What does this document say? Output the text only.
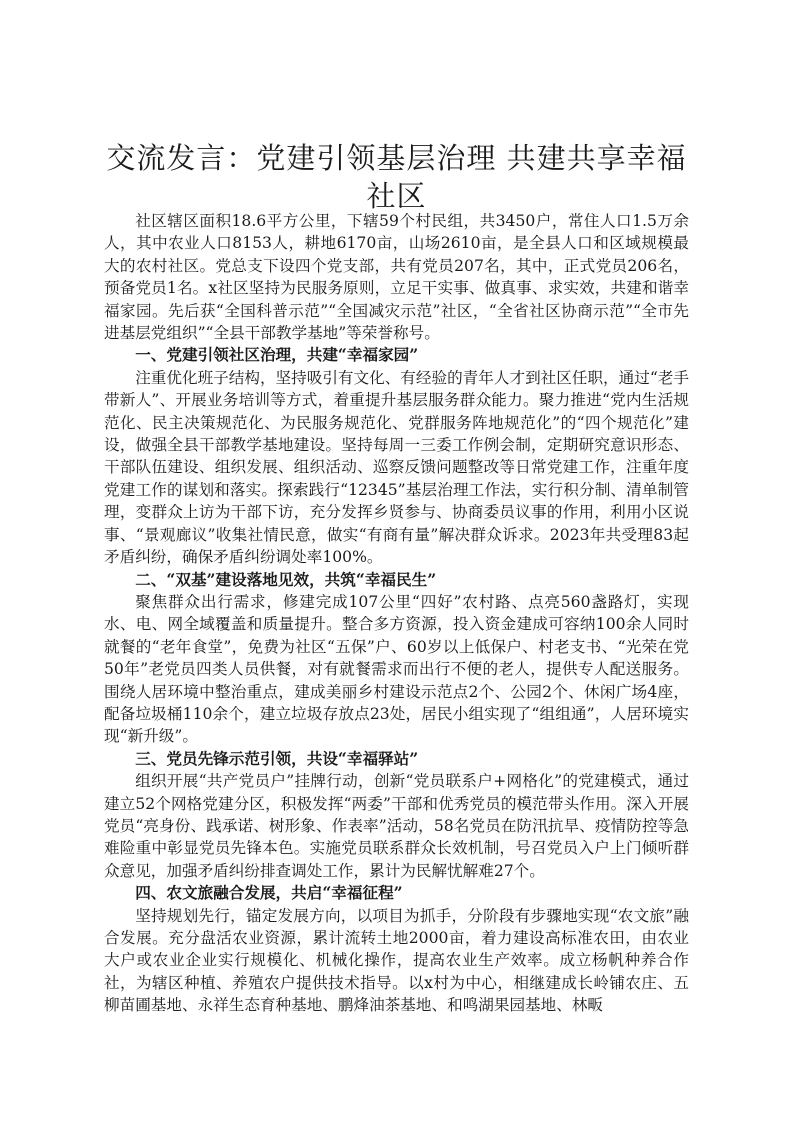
交流发言：党建引领基层治理 共建共享幸福社区

社区辖区面积18.6平方公里，下辖59个村民组，共3450户，常住人口1.5万余人，其中农业人口8153人，耕地6170亩，山场2610亩，是全县人口和区域规模最大的农村社区。党总支下设四个党支部，共有党员207名，其中，正式党员206名，预备党员1名。x社区坚持为民服务原则，立足干实事、做真事、求实效，共建和谐幸福家园。先后获“全国科普示范”“全国减灾示范”社区，“全省社区协商示范”“全市先进基层党组织”“全县干部教学基地”等荣誉称号。

一、党建引领社区治理，共建“幸福家园”

注重优化班子结构，坚持吸引有文化、有经验的青年人才到社区任职，通过“老手带新人”、开展业务培训等方式，着重提升基层服务群众能力。聚力推进“党内生活规范化、民主决策规范化、为民服务规范化、党群服务阵地规范化”的“四个规范化”建设，做强全县干部教学基地建设。坚持每周一三委工作例会制，定期研究意识形态、干部队伍建设、组织发展、组织活动、巡察反馈问题整改等日常党建工作，注重年度党建工作的谋划和落实。探索践行“12345”基层治理工作法，实行积分制、清单制管理，变群众上访为干部下访，充分发挥乡贤参与、协商委员议事的作用，利用小区说事、“景观廊议”收集社情民意，做实“有商有量”解决群众诉求。2023年共受理83起矛盾纠纷，确保矛盾纠纷调处率100%。

二、“双基”建设落地见效，共筑“幸福民生”

聚焦群众出行需求，修建完成107公里“四好”农村路、点亮560盏路灯，实现水、电、网全域覆盖和质量提升。整合多方资源，投入资金建成可容纳100余人同时就餐的“老年食堂”，免费为社区“五保”户、60岁以上低保户、村老支书、“光荣在党50年”老党员四类人员供餐，对有就餐需求而出行不便的老人，提供专人配送服务。围绕人居环境中整治重点，建成美丽乡村建设示范点2个、公园2个、休闲广场4座，配备垃圾桶110余个，建立垃圾存放点23处，居民小组实现了“组组通”，人居环境实现“新升级”。

三、党员先锋示范引领，共设“幸福驿站”

组织开展“共产党员户”挂牌行动，创新“党员联系户+网格化”的党建模式，通过建立52个网格党建分区，积极发挥“两委”干部和优秀党员的模范带头作用。深入开展党员“亮身份、践承诺、树形象、作表率”活动，58名党员在防汛抗旱、疫情防控等急难险重中彰显党员先锋本色。实施党员联系群众长效机制，号召党员入户上门倾听群众意见，加强矛盾纠纷排查调处工作，累计为民解忧解难27个。

四、农文旅融合发展，共启“幸福征程”

坚持规划先行，锚定发展方向，以项目为抓手，分阶段有步骤地实现“农文旅”融合发展。充分盘活农业资源，累计流转土地2000亩，着力建设高标准农田，由农业大户或农业企业实行规模化、机械化操作，提高农业生产效率。成立杨帆种养合作社，为辖区种植、养殖农户提供技术指导。以x村为中心，相继建成长岭铺农庄、五柳苗圃基地、永祥生态育种基地、鹏烽油茶基地、和鸣湖果园基地、林畈
